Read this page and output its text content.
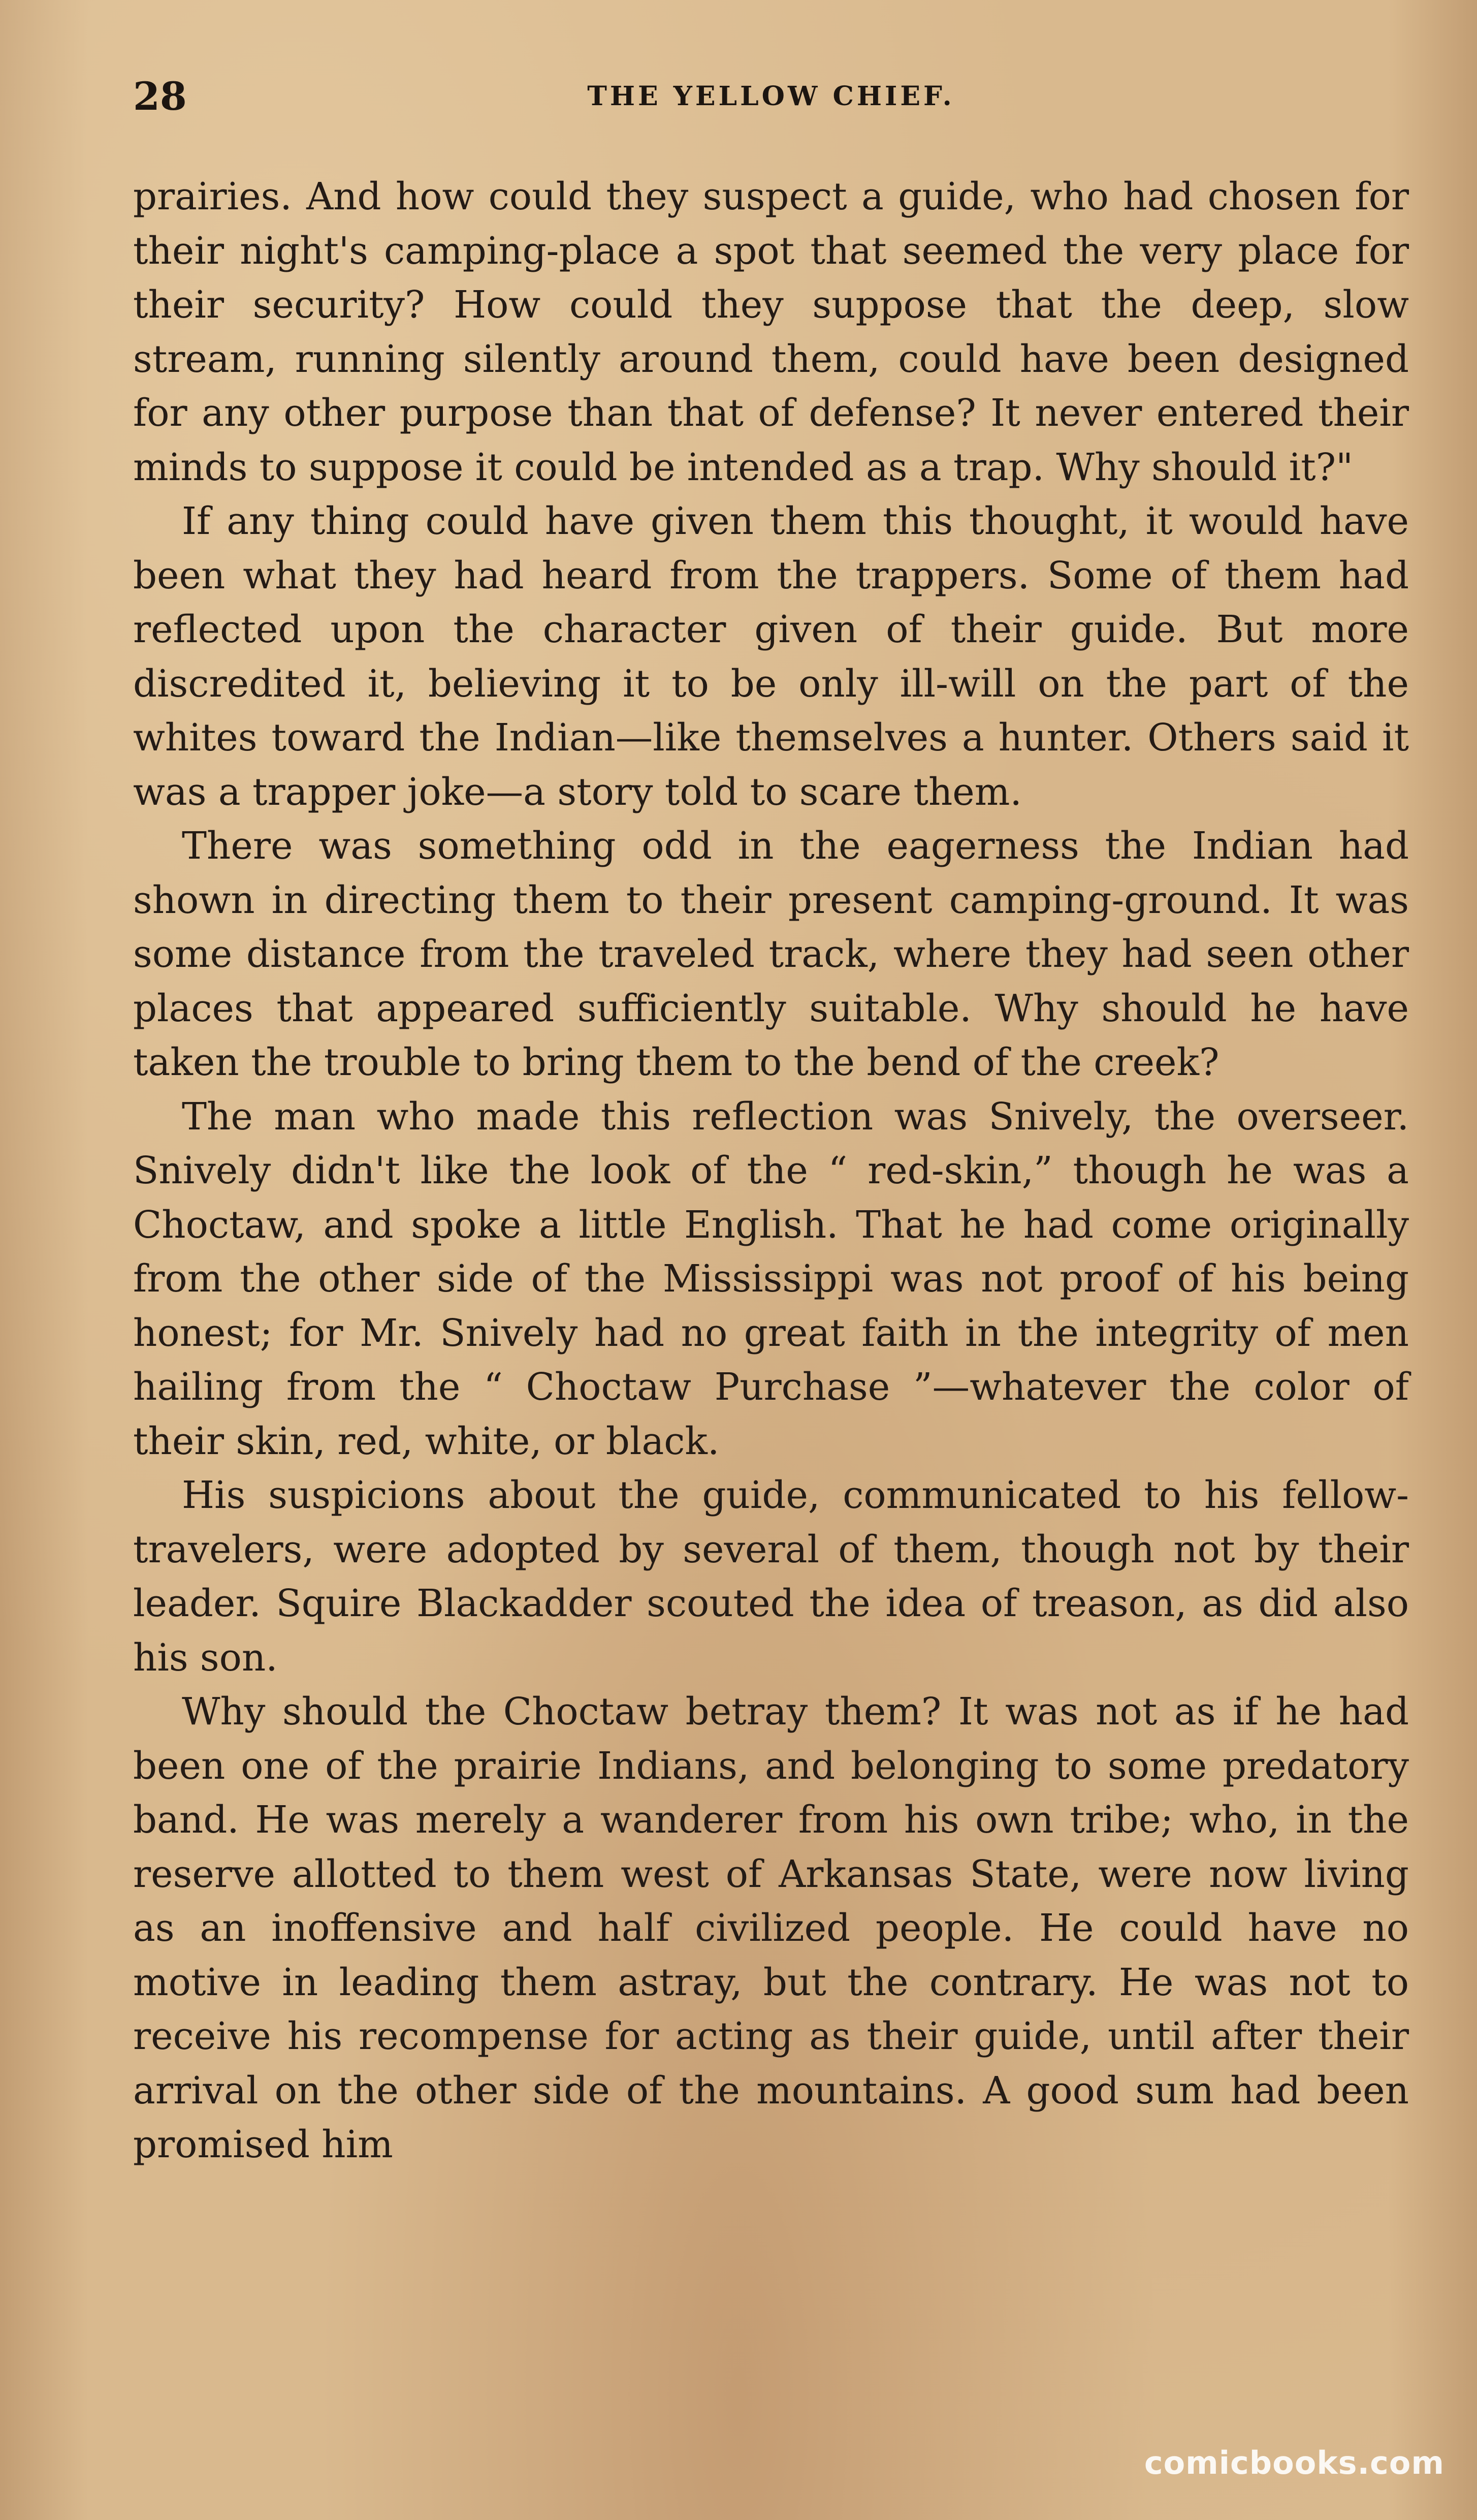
28	THE YELLOW CHIEF.

prairies. And how could they suspect a guide, who had chosen for their night's camping-place a spot that seemed the very place for their security? How could they suppose that the deep, slow stream, running silently around them, could have been designed for any other purpose than that of defense? It never entered their minds to suppose it could be intended as a trap. Why should it?"

If any thing could have given them this thought, it would have been what they had heard from the trappers. Some of them had reflected upon the character given of their guide. But more discredited it, believing it to be only ill-will on the part of the whites toward the Indian—like themselves a hunter. Others said it was a trapper joke—a story told to scare them.

There was something odd in the eagerness the Indian had shown in directing them to their present camping-ground. It was some distance from the traveled track, where they had seen other places that appeared sufficiently suitable. Why should he have taken the trouble to bring them to the bend of the creek?

The man who made this reflection was Snively, the overseer. Snively didn't like the look of the “ red-skin,” though he was a Choctaw, and spoke a little English. That he had come originally from the other side of the Mississippi was not proof of his being honest; for Mr. Snively had no great faith in the integrity of men hailing from the “ Choctaw Purchase ”—whatever the color of their skin, red, white, or black.

His suspicions about the guide, communicated to his fellow-travelers, were adopted by several of them, though not by their leader. Squire Blackadder scouted the idea of treason, as did also his son.

Why should the Choctaw betray them? It was not as if he had been one of the prairie Indians, and belonging to some predatory band. He was merely a wanderer from his own tribe; who, in the reserve allotted to them west of Arkansas State, were now living as an inoffensive and half civilized people. He could have no motive in leading them astray, but the contrary. He was not to receive his recompense for acting as their guide, until after their arrival on the other side of the mountains. A good sum had been promised him

comicbooks.com
